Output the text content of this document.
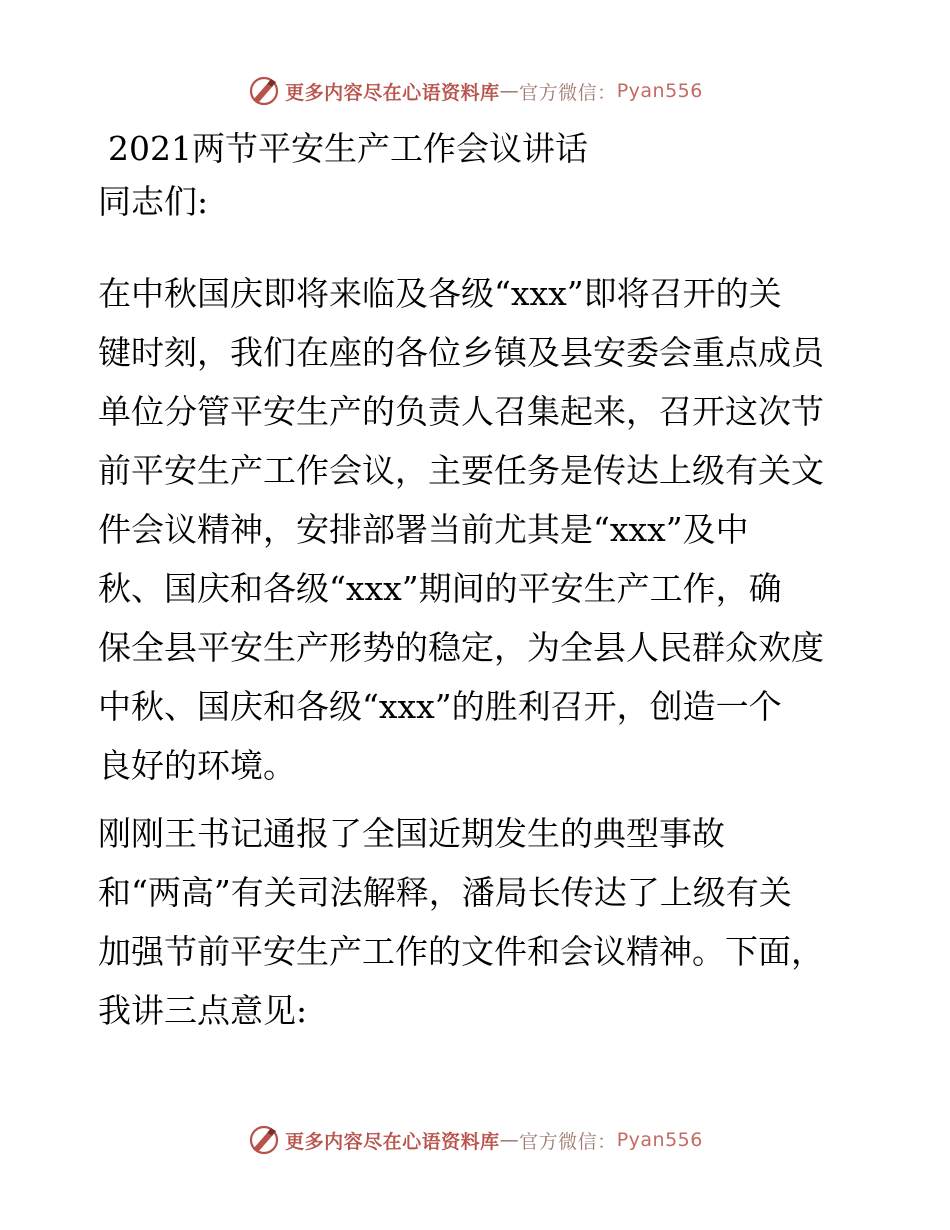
更多内容尽在心语资料库 — 官方微信： Pyan556
2021两节平安生产工作会议讲话

同志们:

在中秋国庆即将来临及各级“xxx”即将召开的关
键时刻，我们在座的各位乡镇及县安委会重点成员
单位分管平安生产的负责人召集起来，召开这次节
前平安生产工作会议，主要任务是传达上级有关文
件会议精神，安排部署当前尤其是“xxx”及中
秋、国庆和各级“xxx”期间的平安生产工作，确
保全县平安生产形势的稳定，为全县人民群众欢度
中秋、国庆和各级“xxx”的胜利召开，创造一个
良好的环境。

刚刚王书记通报了全国近期发生的典型事故
和“两高”有关司法解释，潘局长传达了上级有关
加强节前平安生产工作的文件和会议精神。下面，
我讲三点意见:

更多内容尽在心语资料库 — 官方微信： Pyan556
